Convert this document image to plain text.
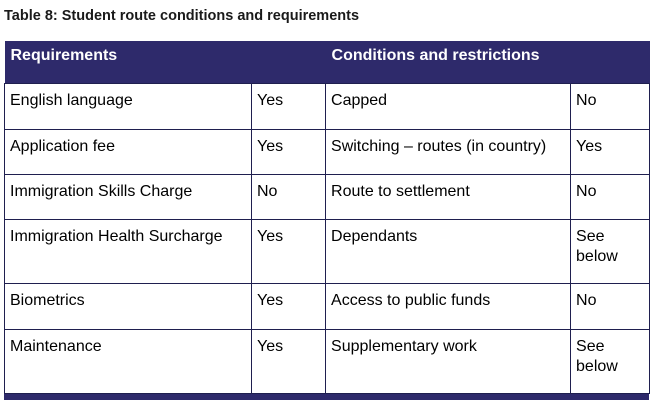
Table 8: Student route conditions and requirements
Requirements		Conditions and restrictions	
English language	Yes	Capped	No
Application fee	Yes	Switching – routes (in country)	Yes
Immigration Skills Charge	No	Route to settlement	No
Immigration Health Surcharge	Yes	Dependants	See below
Biometrics	Yes	Access to public funds	No
Maintenance	Yes	Supplementary work	See below
